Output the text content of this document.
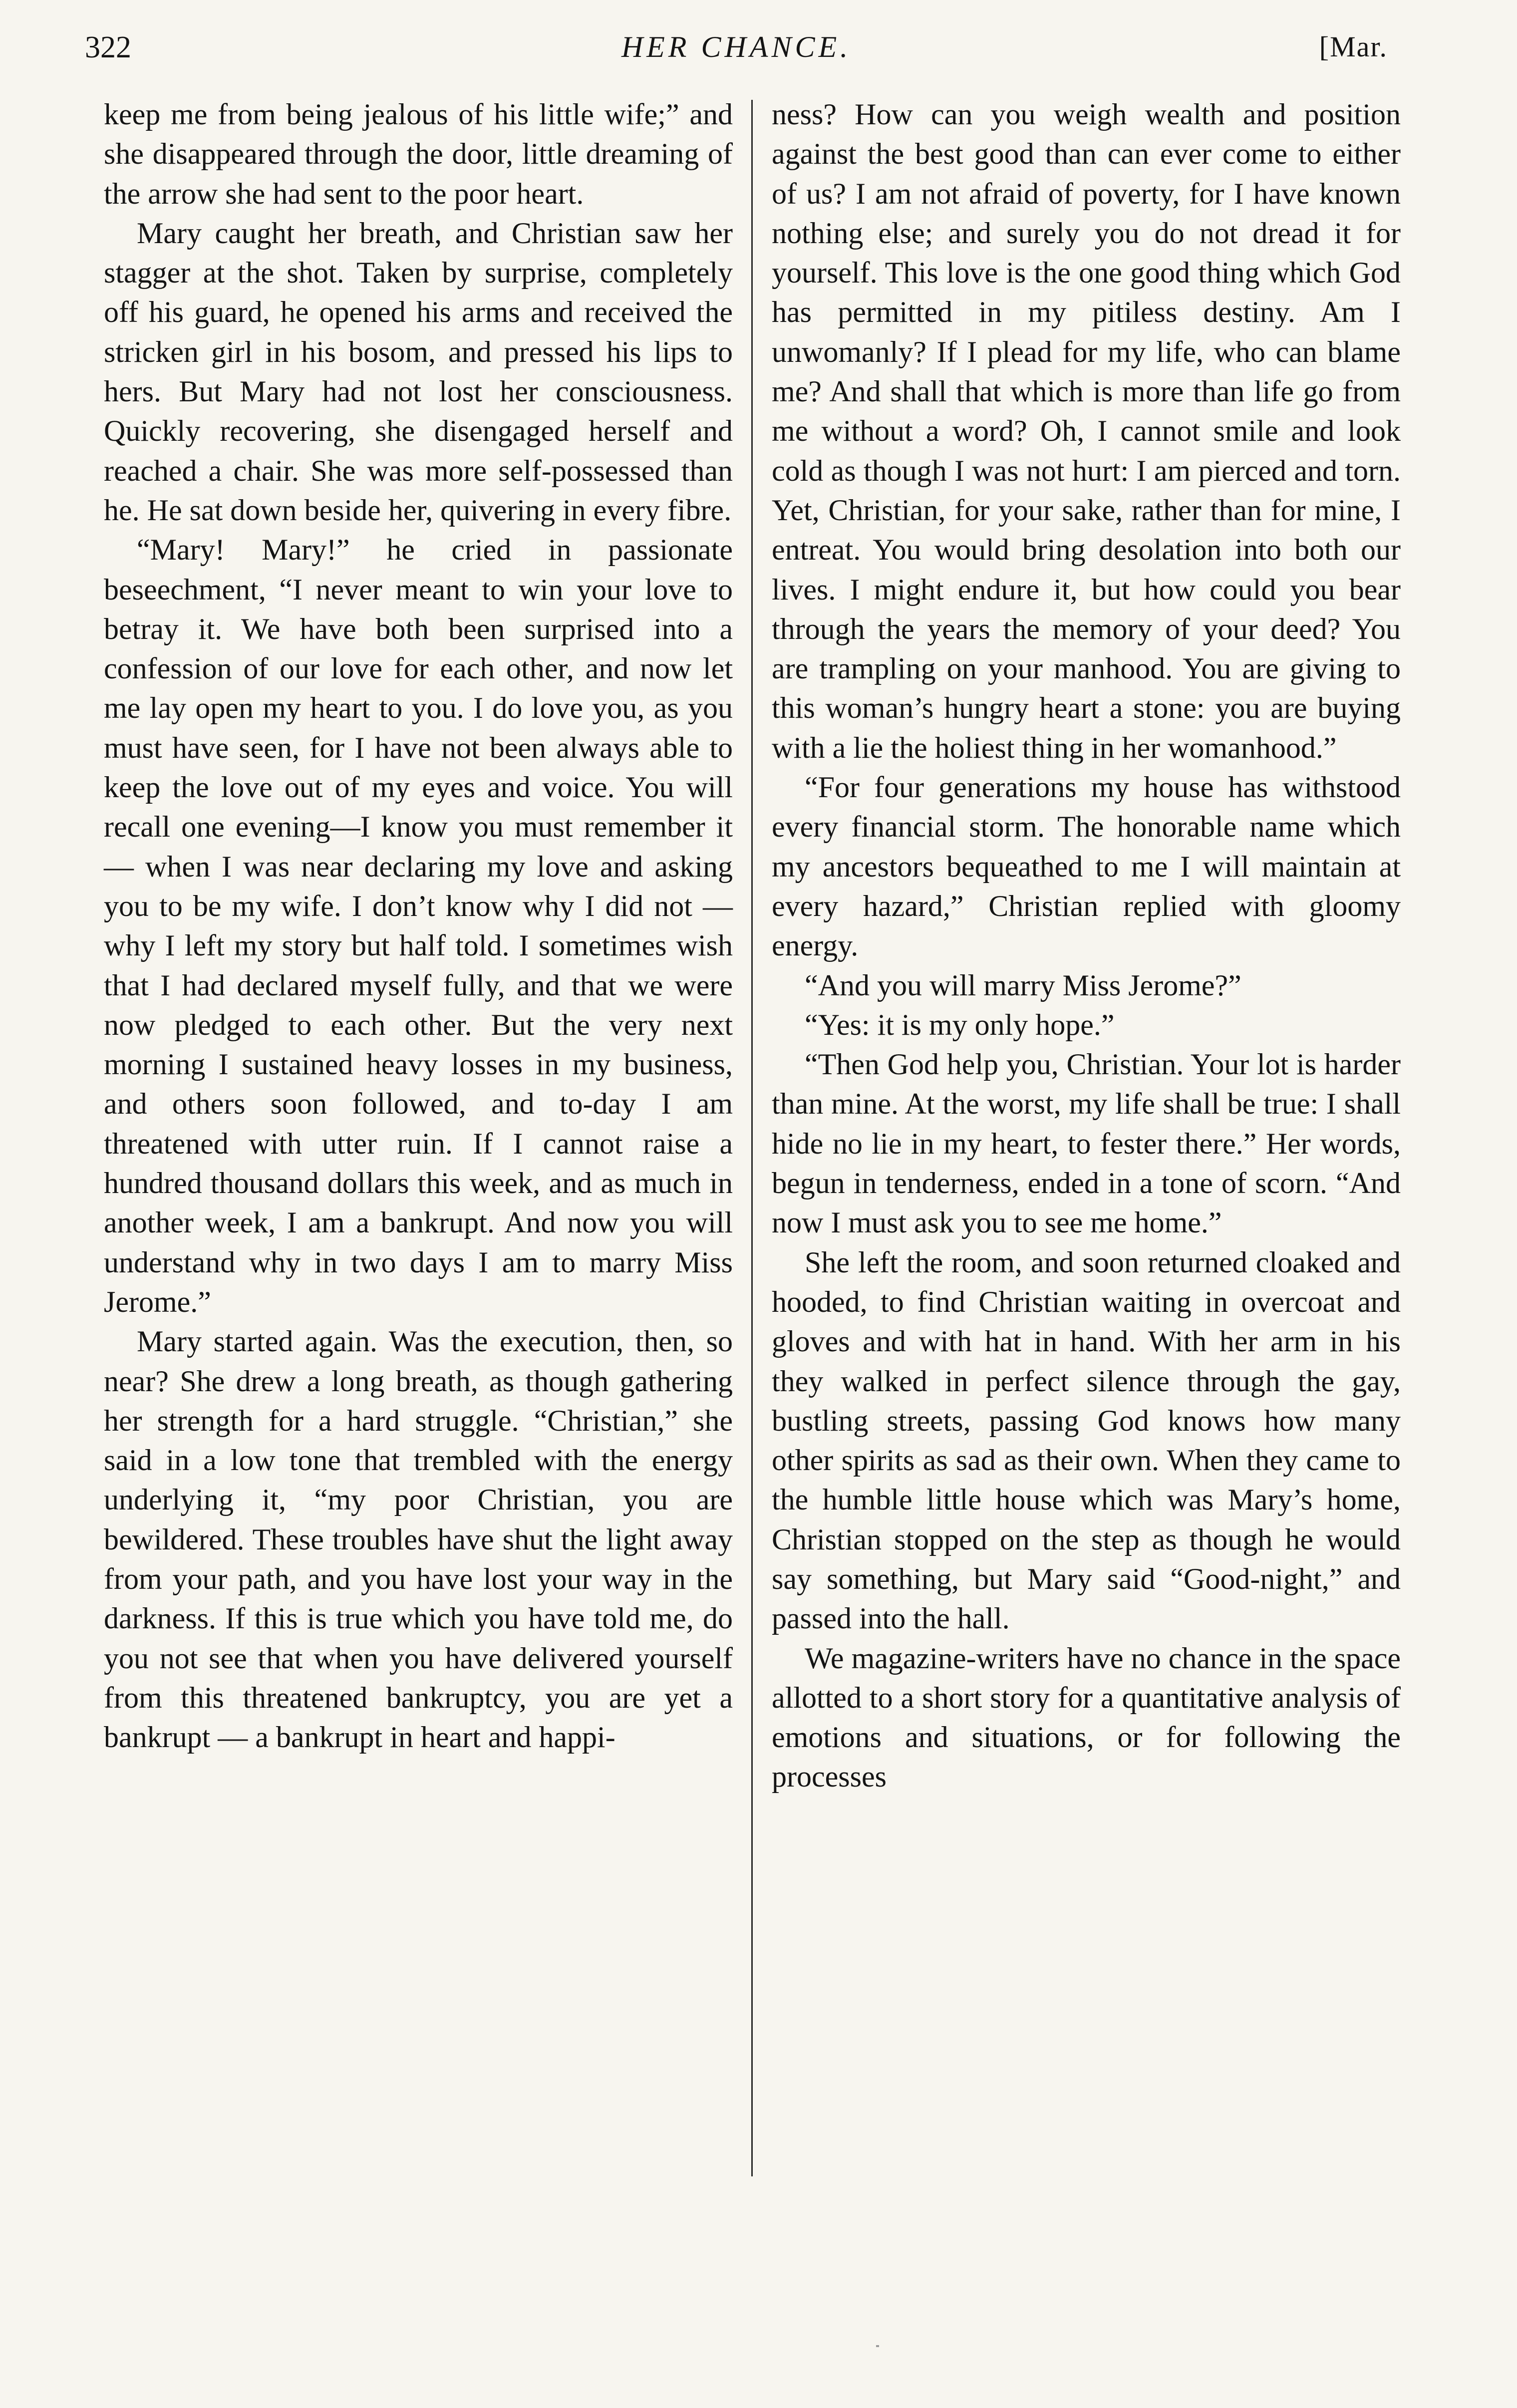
322	HER CHANCE.	[Mar.

keep me from being jealous of his little wife;” and she disappeared through the door, little dreaming of the arrow she had sent to the poor heart.

Mary caught her breath, and Christian saw her stagger at the shot. Taken by surprise, completely off his guard, he opened his arms and received the stricken girl in his bosom, and pressed his lips to hers. But Mary had not lost her consciousness. Quickly recovering, she disengaged herself and reached a chair. She was more self-possessed than he. He sat down beside her, quivering in every fibre.

“Mary! Mary!” he cried in passionate beseechment, “I never meant to win your love to betray it. We have both been surprised into a confession of our love for each other, and now let me lay open my heart to you. I do love you, as you must have seen, for I have not been always able to keep the love out of my eyes and voice. You will recall one evening—I know you must remember it — when I was near declaring my love and asking you to be my wife. I don’t know why I did not — why I left my story but half told. I sometimes wish that I had declared myself fully, and that we were now pledged to each other. But the very next morning I sustained heavy losses in my business, and others soon followed, and to-day I am threatened with utter ruin. If I cannot raise a hundred thousand dollars this week, and as much in another week, I am a bankrupt. And now you will understand why in two days I am to marry Miss Jerome.”

Mary started again. Was the execution, then, so near? She drew a long breath, as though gathering her strength for a hard struggle. “Christian,” she said in a low tone that trembled with the energy underlying it, “my poor Christian, you are bewildered. These troubles have shut the light away from your path, and you have lost your way in the darkness. If this is true which you have told me, do you not see that when you have delivered yourself from this threatened bankruptcy, you are yet a bankrupt — a bankrupt in heart and happi-

ness? How can you weigh wealth and position against the best good than can ever come to either of us? I am not afraid of poverty, for I have known nothing else; and surely you do not dread it for yourself. This love is the one good thing which God has permitted in my pitiless destiny. Am I unwomanly? If I plead for my life, who can blame me? And shall that which is more than life go from me without a word? Oh, I cannot smile and look cold as though I was not hurt: I am pierced and torn. Yet, Christian, for your sake, rather than for mine, I entreat. You would bring desolation into both our lives. I might endure it, but how could you bear through the years the memory of your deed? You are trampling on your manhood. You are giving to this woman’s hungry heart a stone: you are buying with a lie the holiest thing in her womanhood.”

“For four generations my house has withstood every financial storm. The honorable name which my ancestors bequeathed to me I will maintain at every hazard,” Christian replied with gloomy energy.

“And you will marry Miss Jerome?”

“Yes: it is my only hope.”

“Then God help you, Christian. Your lot is harder than mine. At the worst, my life shall be true: I shall hide no lie in my heart, to fester there.” Her words, begun in tenderness, ended in a tone of scorn. “And now I must ask you to see me home.”

She left the room, and soon returned cloaked and hooded, to find Christian waiting in overcoat and gloves and with hat in hand. With her arm in his they walked in perfect silence through the gay, bustling streets, passing God knows how many other spirits as sad as their own. When they came to the humble little house which was Mary’s home, Christian stopped on the step as though he would say something, but Mary said “Good-night,” and passed into the hall.

We magazine-writers have no chance in the space allotted to a short story for a quantitative analysis of emotions and situations, or for following the processes
